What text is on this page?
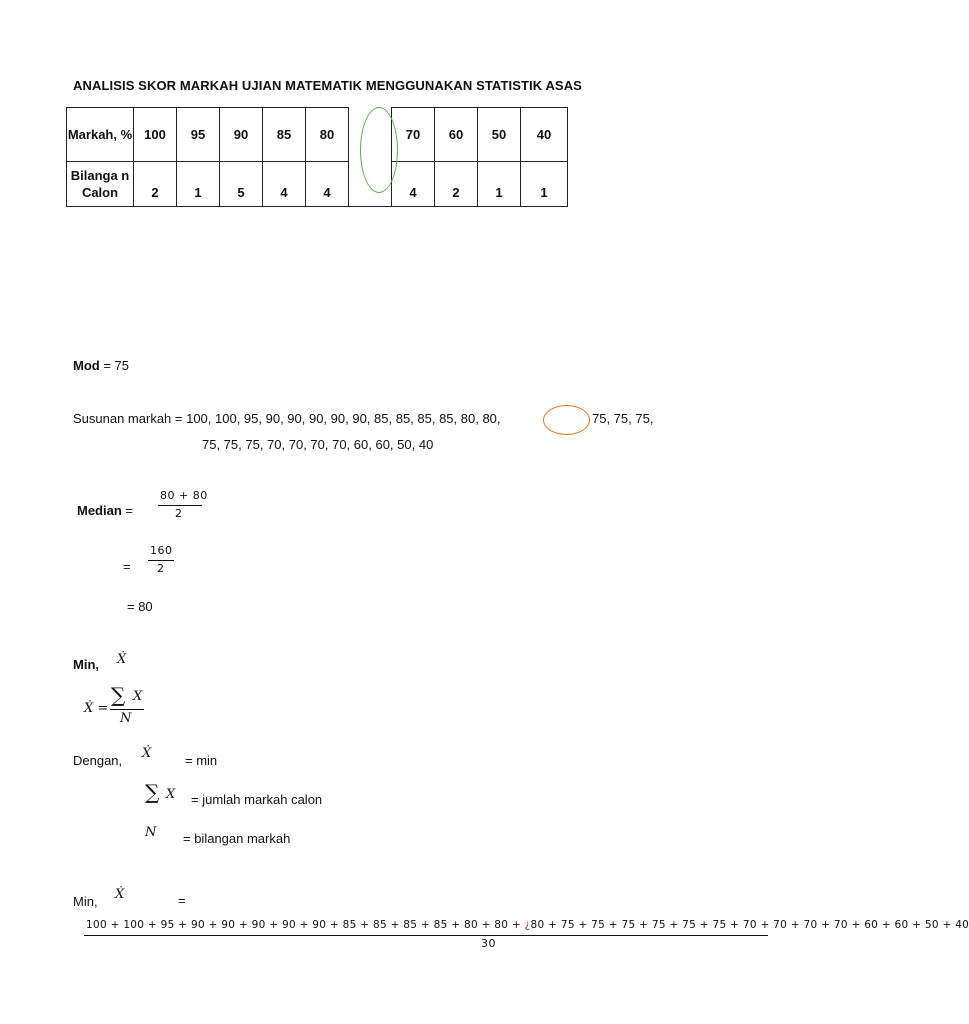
ANALISIS SKOR MARKAH UJIAN MATEMATIK MENGGUNAKAN STATISTIK ASAS
Markah, %	100	95	90	85	80		70	60	50	40
Bilanga n Calon	2	1	5	4	4		4	2	1	1
Mod = 75
Susunan markah = 100, 100, 95, 90, 90, 90, 90, 90, 85, 85, 85, 85, 80, 80,	75, 75, 75,
75, 75, 75, 70, 70, 70, 70, 60, 60, 50, 40
Median =
80 + 80
2
=
160
2
= 80
Min, Ẋ
Ẋ =
∑ X
N
Dengan, Ẋ	= min
∑ X = jumlah markah calon
N = bilangan markah
Min, Ẋ	=
100 + 100 + 95 + 90 + 90 + 90 + 90 + 90 + 85 + 85 + 85 + 85 + 80 + 80 + ¿80 + 75 + 75 + 75 + 75 + 75 + 75 + 70 + 70 + 70 + 70 + 60 + 60 + 50 + 40
30
